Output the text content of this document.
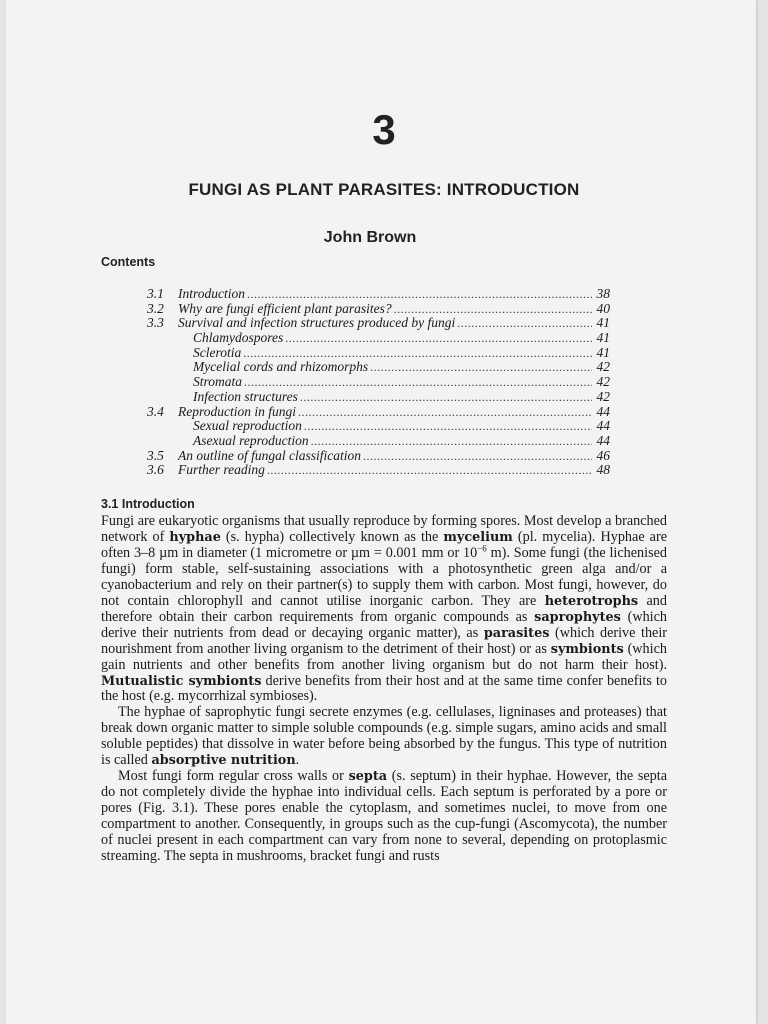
3
FUNGI AS PLANT PARASITES: INTRODUCTION
John Brown
Contents
3.1	Introduction .....	38
3.2	Why are fungi efficient plant parasites? .....	40
3.3	Survival and infection structures produced by fungi .....	41
Chlamydospores .....	41
Sclerotia .....	41
Mycelial cords and rhizomorphs .....	42
Stromata .....	42
Infection structures .....	42
3.4	Reproduction in fungi .....	44
Sexual reproduction .....	44
Asexual reproduction .....	44
3.5	An outline of fungal classification .....	46
3.6	Further reading .....	48
3.1 Introduction

Fungi are eukaryotic organisms that usually reproduce by forming spores. Most develop a branched network of hyphae (s. hypha) collectively known as the mycelium (pl. mycelia). Hyphae are often 3–8 µm in diameter (1 micrometre or µm = 0.001 mm or $10^{-6}$ m). Some fungi (the lichenised fungi) form stable, self-sustaining associations with a photosynthetic green alga and/or a cyanobacterium and rely on their partner(s) to supply them with carbon. Most fungi, however, do not contain chlorophyll and cannot utilise inorganic carbon. They are heterotrophs and therefore obtain their carbon requirements from organic compounds as saprophytes (which derive their nutrients from dead or decaying organic matter), as parasites (which derive their nourishment from another living organism to the detriment of their host) or as symbionts (which gain nutrients and other benefits from another living organism but do not harm their host). Mutualistic symbionts derive benefits from their host and at the same time confer benefits to the host (e.g. mycorrhizal symbioses).

The hyphae of saprophytic fungi secrete enzymes (e.g. cellulases, ligninases and proteases) that break down organic matter to simple soluble compounds (e.g. simple sugars, amino acids and small soluble peptides) that dissolve in water before being absorbed by the fungus. This type of nutrition is called absorptive nutrition.

Most fungi form regular cross walls or septa (s. septum) in their hyphae. However, the septa do not completely divide the hyphae into individual cells. Each septum is perforated by a pore or pores (Fig. 3.1). These pores enable the cytoplasm, and sometimes nuclei, to move from one compartment to another. Consequently, in groups such as the cup-fungi (Ascomycota), the number of nuclei present in each compartment can vary from none to several, depending on protoplasmic streaming. The septa in mushrooms, bracket fungi and rusts
